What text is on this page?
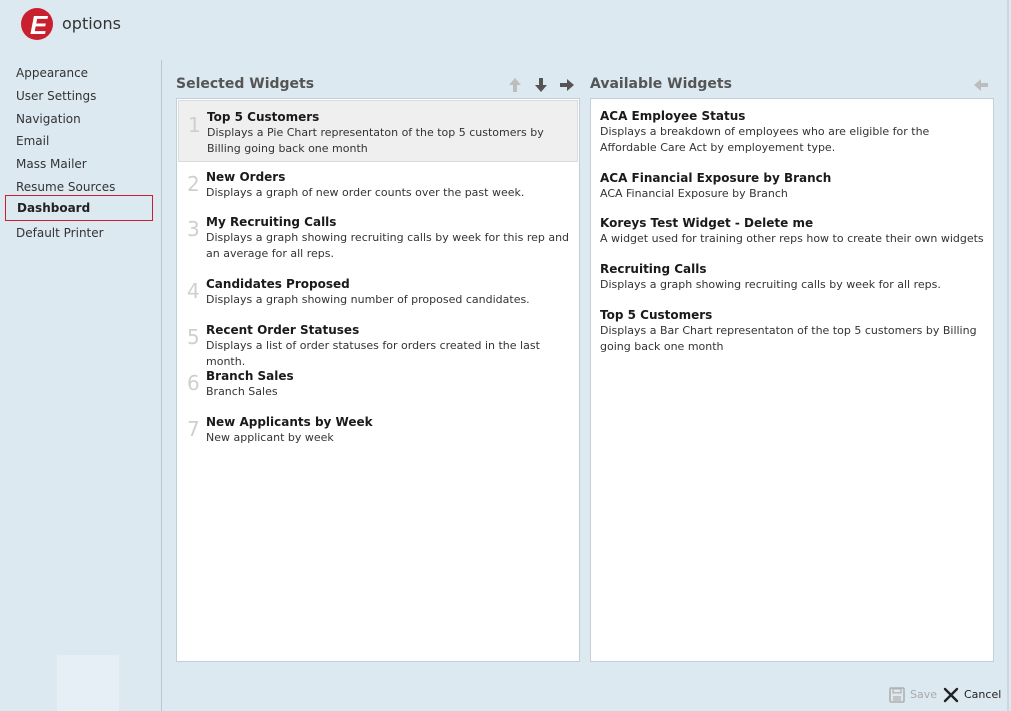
E options
Appearance
User Settings
Navigation
Email
Mass Mailer
Resume Sources
Dashboard
Default Printer
Selected Widgets	Available Widgets
1 Top 5 Customers
Displays a Pie Chart representaton of the top 5 customers by Billing going back one month
2 New Orders
Displays a graph of new order counts over the past week.
3 My Recruiting Calls
Displays a graph showing recruiting calls by week for this rep and an average for all reps.
4 Candidates Proposed
Displays a graph showing number of proposed candidates.
5 Recent Order Statuses
Displays a list of order statuses for orders created in the last month.
6 Branch Sales
Branch Sales
7 New Applicants by Week
New applicant by week
ACA Employee Status
Displays a breakdown of employees who are eligible for the Affordable Care Act by employement type.
ACA Financial Exposure by Branch
ACA Financial Exposure by Branch
Koreys Test Widget - Delete me
A widget used for training other reps how to create their own widgets
Recruiting Calls
Displays a graph showing recruiting calls by week for all reps.
Top 5 Customers
Displays a Bar Chart representaton of the top 5 customers by Billing going back one month
Save Cancel
